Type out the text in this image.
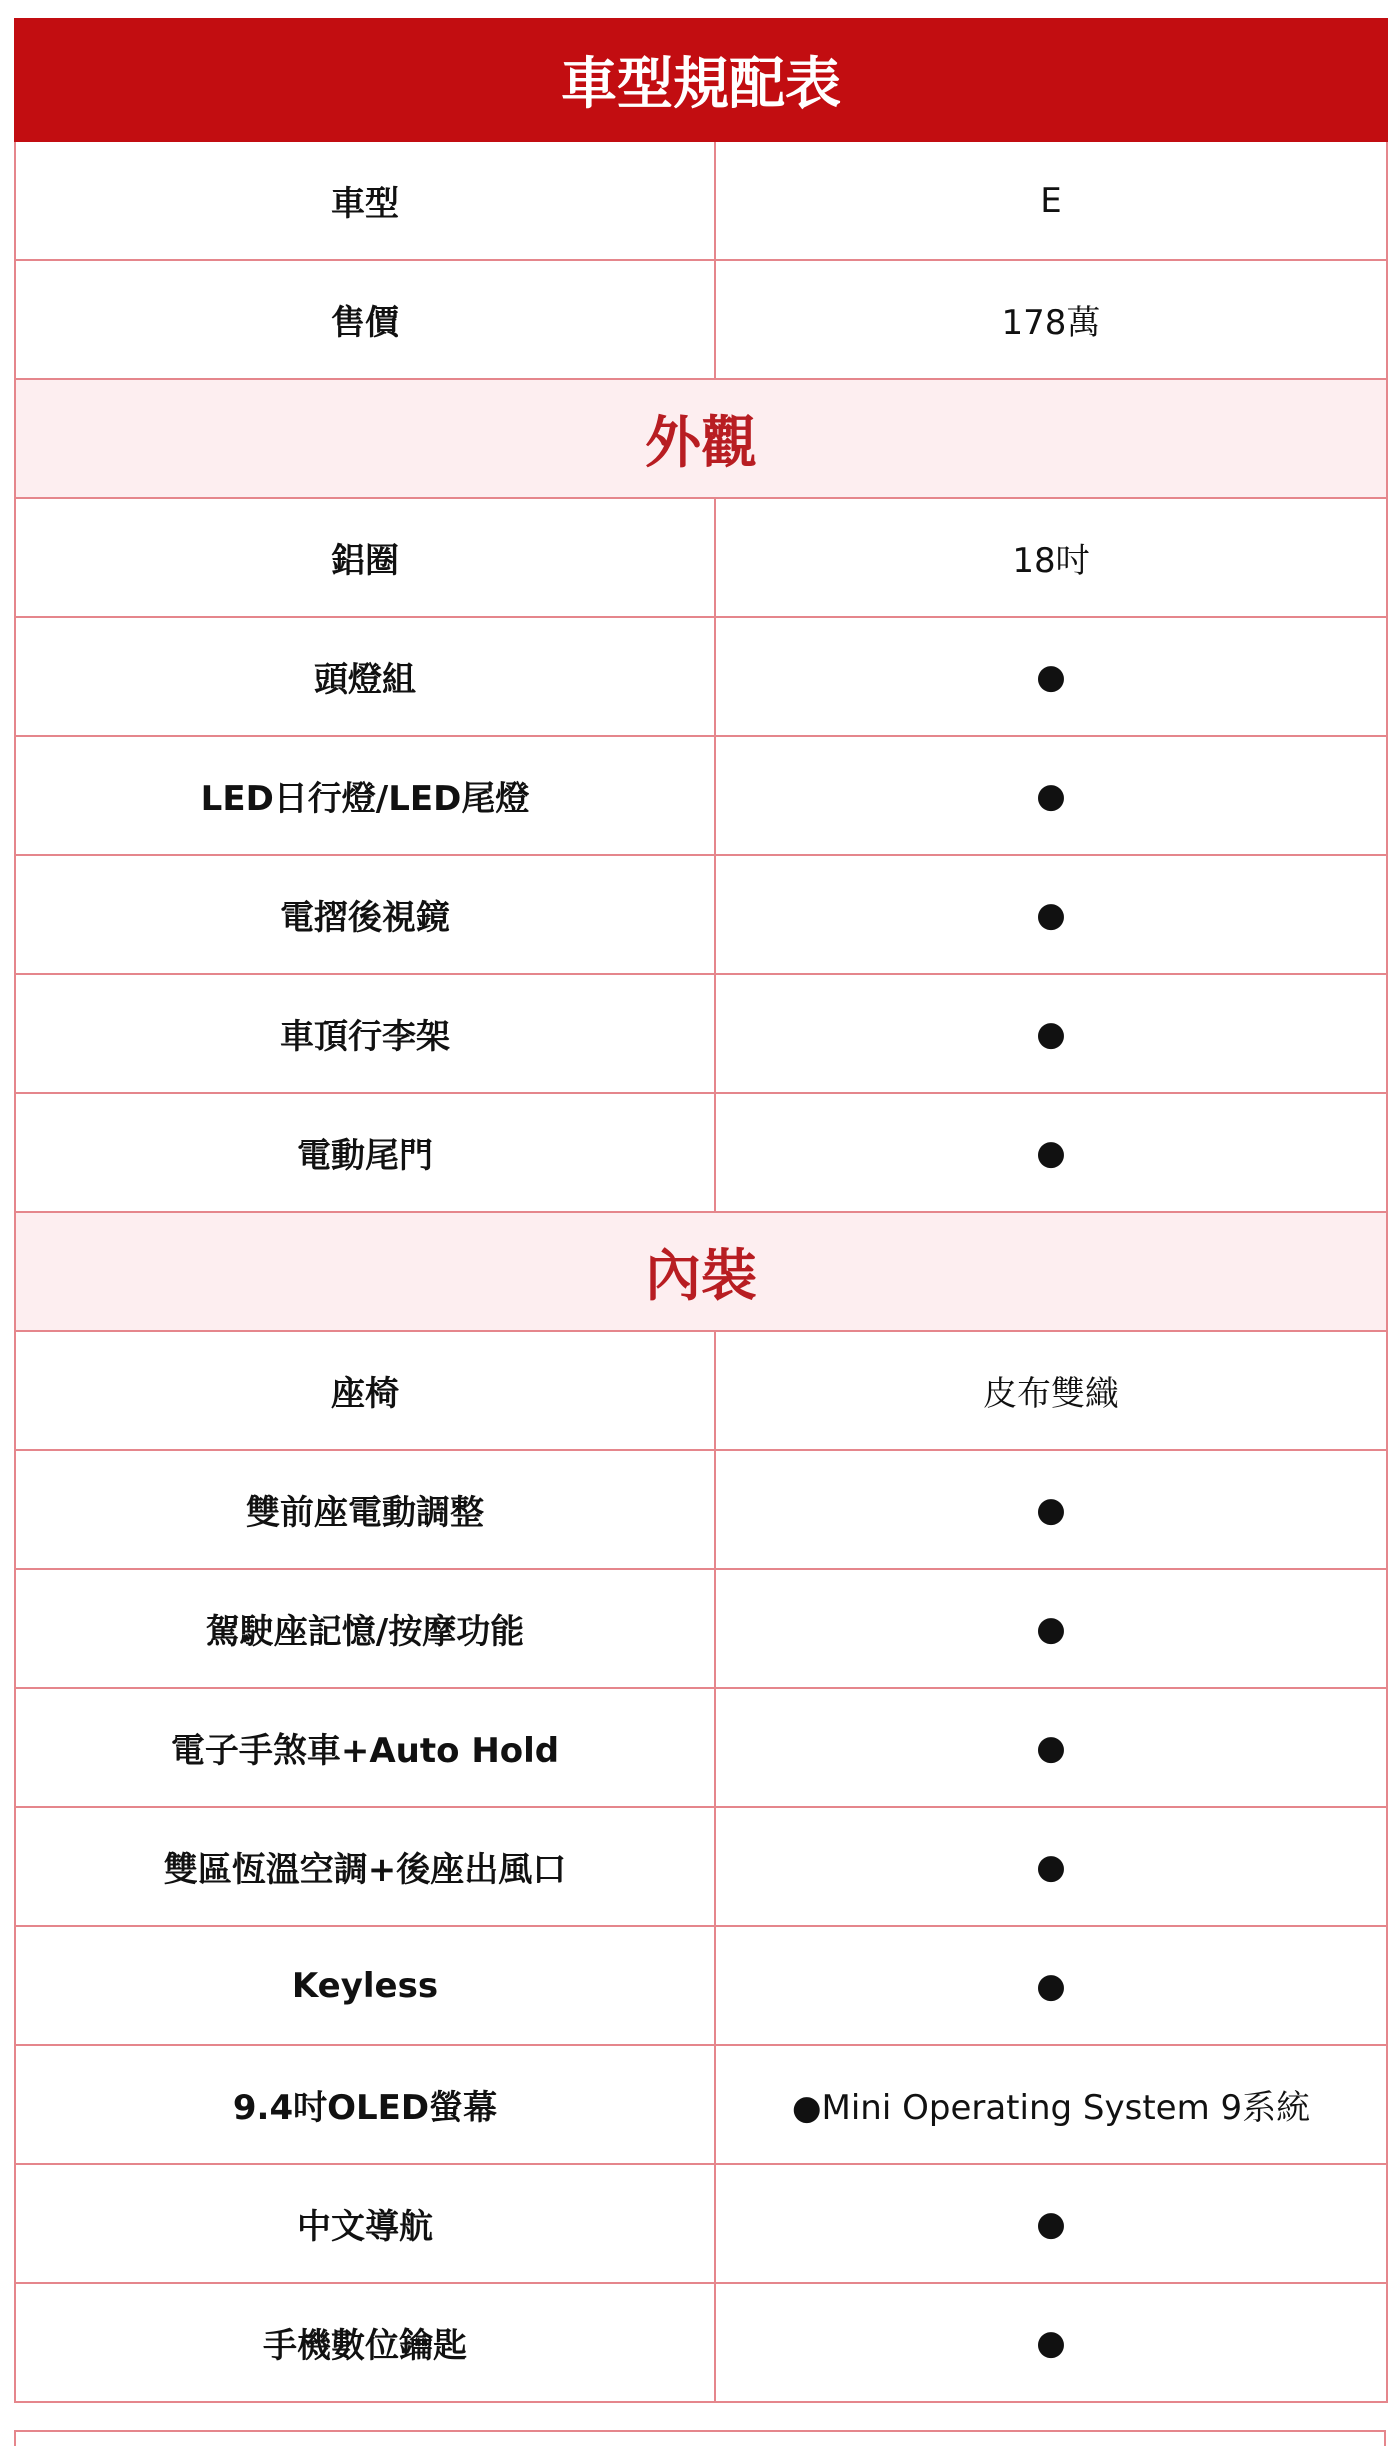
車型規配表	
車型	E
售價	178萬
外觀	
鋁圈	18吋
頭燈組	●
LED日行燈/LED尾燈	●
電摺後視鏡	●
車頂行李架	●
電動尾門	●
內裝	
座椅	皮布雙織
雙前座電動調整	●
駕駛座記憶/按摩功能	●
電子手煞車+Auto Hold	●
雙區恆溫空調+後座出風口	●
Keyless	●
9.4吋OLED螢幕	●Mini Operating System 9系統
中文導航	●
手機數位鑰匙	●
